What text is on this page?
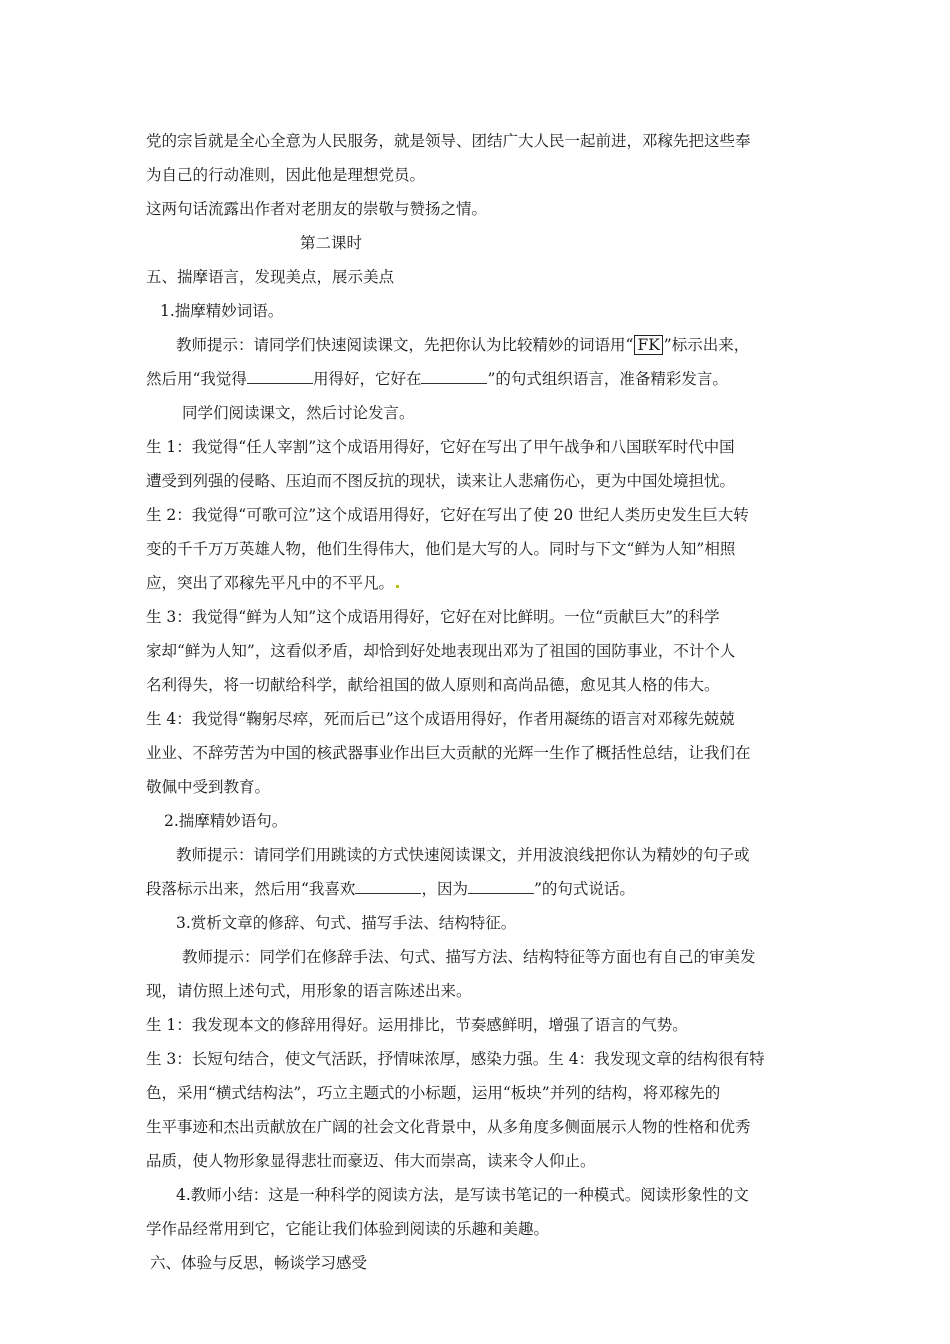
党的宗旨就是全心全意为人民服务，就是领导、团结广大人民一起前进，邓稼先把这些奉
为自己的行动准则，因此他是理想党员。
这两句话流露出作者对老朋友的崇敬与赞扬之情。
第二课时
五、揣摩语言，发现美点，展示美点
1.揣摩精妙词语。
教师提示：请同学们快速阅读课文，先把你认为比较精妙的词语用“ FK ”标示出来，
然后用“我觉得	用得好，它好在	”的句式组织语言，准备精彩发言。
同学们阅读课文，然后讨论发言。
生 1：我觉得“任人宰割”这个成语用得好，它好在写出了甲午战争和八国联军时代中国
遭受到列强的侵略、压迫而不图反抗的现状，读来让人悲痛伤心，更为中国处境担忧。
生 2：我觉得“可歌可泣”这个成语用得好，它好在写出了使 20 世纪人类历史发生巨大转
变的千千万万英雄人物，他们生得伟大，他们是大写的人。同时与下文“鲜为人知”相照
应，突出了邓稼先平凡中的不平凡。
生 3：我觉得“鲜为人知”这个成语用得好，它好在对比鲜明。一位“贡献巨大”的科学
家却“鲜为人知”，这看似矛盾，却恰到好处地表现出邓为了祖国的国防事业，不计个人
名利得失，将一切献给科学，献给祖国的做人原则和高尚品德，愈见其人格的伟大。
生 4：我觉得“鞠躬尽瘁，死而后已”这个成语用得好，作者用凝练的语言对邓稼先兢兢
业业、不辞劳苦为中国的核武器事业作出巨大贡献的光辉一生作了概括性总结，让我们在
敬佩中受到教育。
2.揣摩精妙语句。
教师提示：请同学们用跳读的方式快速阅读课文，并用波浪线把你认为精妙的句子或
段落标示出来，然后用“我喜欢	，因为	”的句式说话。
3.赏析文章的修辞、句式、描写手法、结构特征。
教师提示：同学们在修辞手法、句式、描写方法、结构特征等方面也有自己的审美发
现，请仿照上述句式，用形象的语言陈述出来。
生 1：我发现本文的修辞用得好。运用排比，节奏感鲜明，增强了语言的气势。
生 3：长短句结合，使文气活跃，抒情味浓厚，感染力强。生 4：我发现文章的结构很有特
色，采用“横式结构法”，巧立主题式的小标题，运用“板块”并列的结构，将邓稼先的
生平事迹和杰出贡献放在广阔的社会文化背景中，从多角度多侧面展示人物的性格和优秀
品质，使人物形象显得悲壮而豪迈、伟大而崇高，读来令人仰止。
4.教师小结：这是一种科学的阅读方法，是写读书笔记的一种模式。阅读形象性的文
学作品经常用到它，它能让我们体验到阅读的乐趣和美趣。
六、体验与反思，畅谈学习感受
